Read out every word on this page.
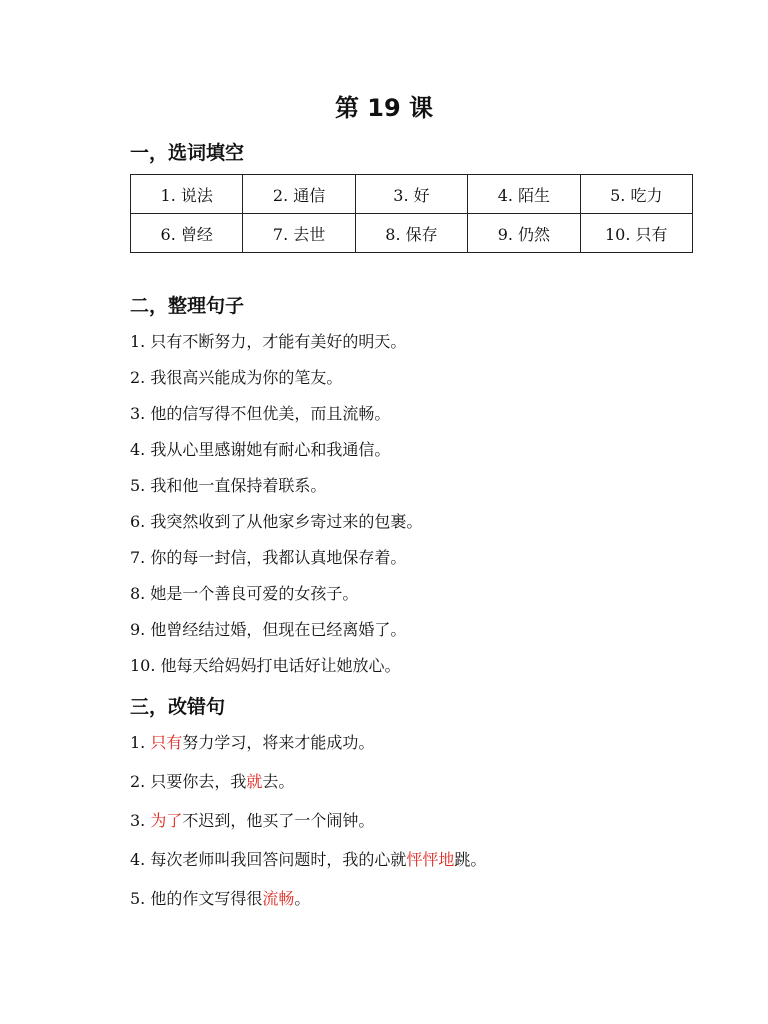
第 19 课
一，选词填空
1. 说法	2. 通信	3. 好	4. 陌生	5. 吃力
6. 曾经	7. 去世	8. 保存	9. 仍然	10. 只有
二，整理句子
1. 只有不断努力，才能有美好的明天。
2. 我很高兴能成为你的笔友。
3. 他的信写得不但优美，而且流畅。
4. 我从心里感谢她有耐心和我通信。
5. 我和他一直保持着联系。
6. 我突然收到了从他家乡寄过来的包裹。
7. 你的每一封信，我都认真地保存着。
8. 她是一个善良可爱的女孩子。
9. 他曾经结过婚，但现在已经离婚了。
10. 他每天给妈妈打电话好让她放心。
三，改错句
1. 只有努力学习，将来才能成功。
2. 只要你去，我就去。
3. 为了不迟到，他买了一个闹钟。
4. 每次老师叫我回答问题时，我的心就怦怦地跳。
5. 他的作文写得很流畅。
